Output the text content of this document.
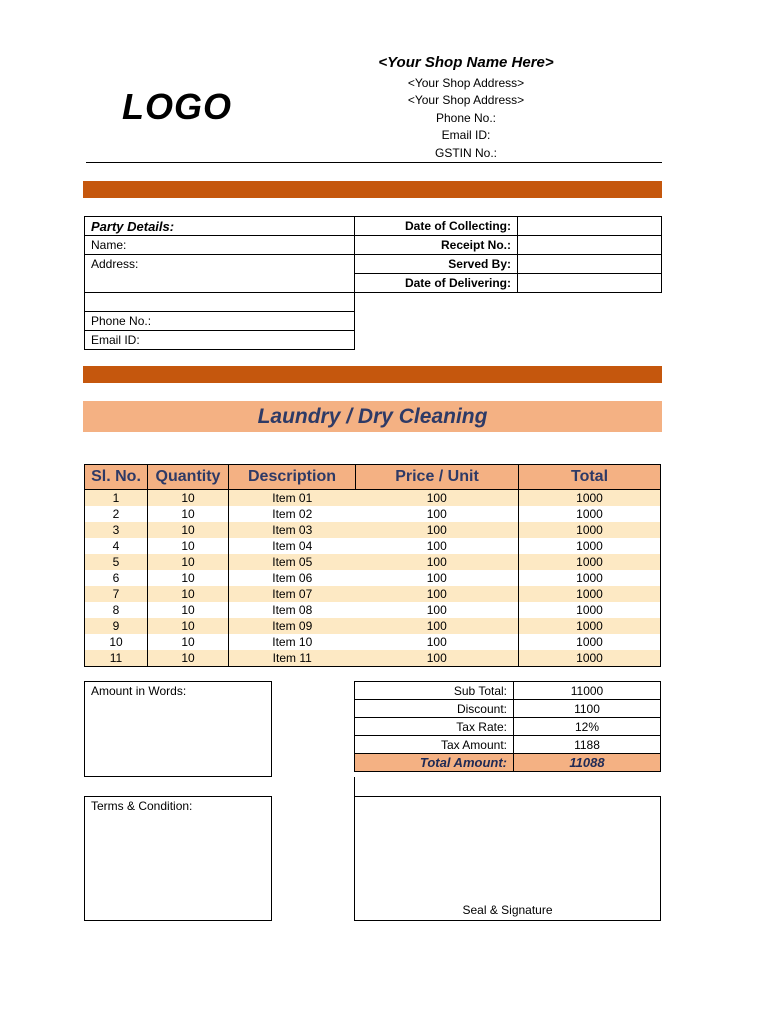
LOGO
<Your Shop Name Here>
<Your Shop Address>
<Your Shop Address>
Phone No.:
Email ID:
GSTIN No.:
Party Details:	Date of Collecting:	
Name:	Receipt No.:	
Address:	Served By:	
	Date of Delivering:	

Phone No.:		
Email ID:		
Laundry / Dry Cleaning
Sl. No.	Quantity	Description	Price / Unit	Total
1	10	Item 01	100	1000
2	10	Item 02	100	1000
3	10	Item 03	100	1000
4	10	Item 04	100	1000
5	10	Item 05	100	1000
6	10	Item 06	100	1000
7	10	Item 07	100	1000
8	10	Item 08	100	1000
9	10	Item 09	100	1000
10	10	Item 10	100	1000
11	10	Item 11	100	1000
Amount in Words:	Sub Total:	11000
Discount:	1100
Tax Rate:	12%
Tax Amount:	1188
Total Amount:	11088
Terms & Condition:
Seal & Signature
